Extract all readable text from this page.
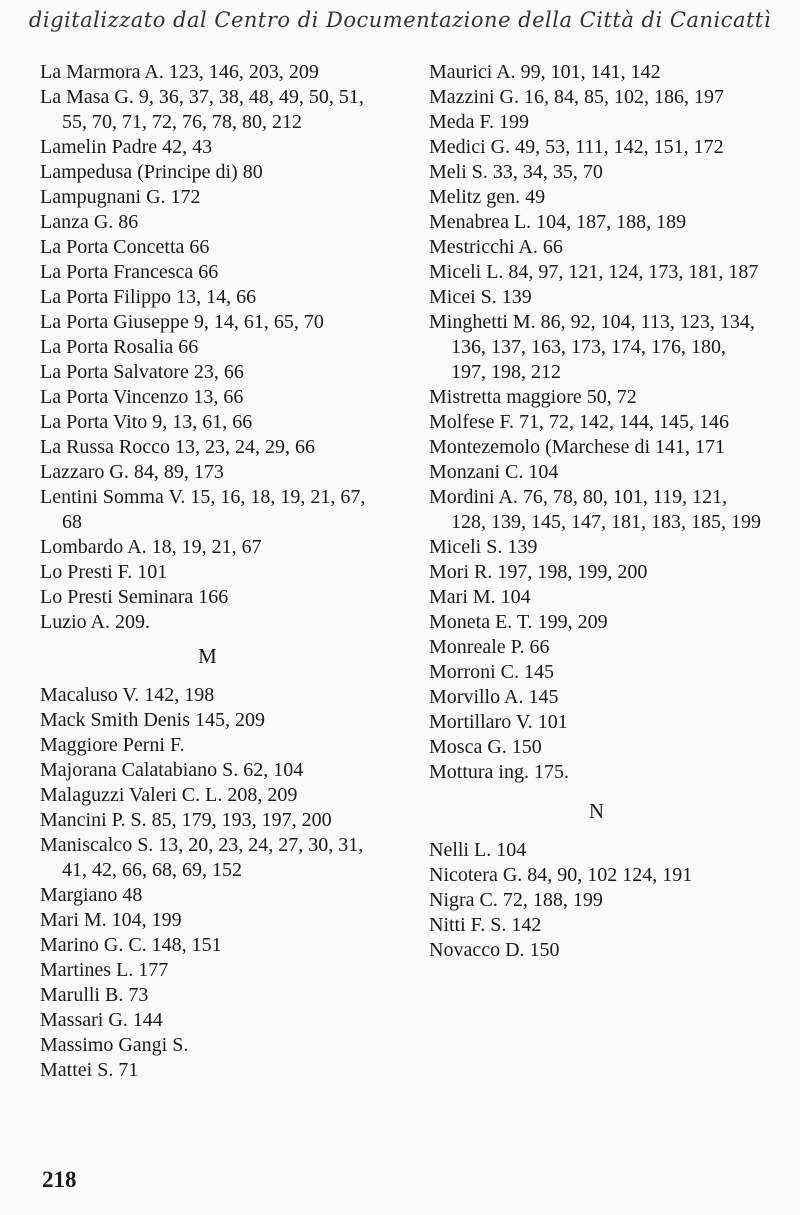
digitalizzato dal Centro di Documentazione della Città di Canicattì

La Marmora A. 123, 146, 203, 209

La Masa G. 9, 36, 37, 38, 48, 49, 50, 51, 55, 70, 71, 72, 76, 78, 80, 212

Lamelin Padre 42, 43

Lampedusa (Principe di) 80

Lampugnani G. 172

Lanza G. 86

La Porta Concetta 66

La Porta Francesca 66

La Porta Filippo 13, 14, 66

La Porta Giuseppe 9, 14, 61, 65, 70

La Porta Rosalia 66

La Porta Salvatore 23, 66

La Porta Vincenzo 13, 66

La Porta Vito 9, 13, 61, 66

La Russa Rocco 13, 23, 24, 29, 66

Lazzaro G. 84, 89, 173

Lentini Somma V. 15, 16, 18, 19, 21, 67, 68

Lombardo A. 18, 19, 21, 67

Lo Presti F. 101

Lo Presti Seminara 166

Luzio A. 209.

M

Macaluso V. 142, 198

Mack Smith Denis 145, 209

Maggiore Perni F.

Majorana Calatabiano S. 62, 104

Malaguzzi Valeri C. L. 208, 209

Mancini P. S. 85, 179, 193, 197, 200

Maniscalco S. 13, 20, 23, 24, 27, 30, 31, 41, 42, 66, 68, 69, 152

Margiano 48

Mari M. 104, 199

Marino G. C. 148, 151

Martines L. 177

Marulli B. 73

Massari G. 144

Massimo Gangi S.

Mattei S. 71

Maurici A. 99, 101, 141, 142

Mazzini G. 16, 84, 85, 102, 186, 197

Meda F. 199

Medici G. 49, 53, 111, 142, 151, 172

Meli S. 33, 34, 35, 70

Melitz gen. 49

Menabrea L. 104, 187, 188, 189

Mestricchi A. 66

Miceli L. 84, 97, 121, 124, 173, 181, 187

Micei S. 139

Minghetti M. 86, 92, 104, 113, 123, 134, 136, 137, 163, 173, 174, 176, 180, 197, 198, 212

Mistretta maggiore 50, 72

Molfese F. 71, 72, 142, 144, 145, 146

Montezemolo (Marchese di 141, 171

Monzani C. 104

Mordini A. 76, 78, 80, 101, 119, 121, 128, 139, 145, 147, 181, 183, 185, 199

Miceli S. 139

Mori R. 197, 198, 199, 200

Mari M. 104

Moneta E. T. 199, 209

Monreale P. 66

Morroni C. 145

Morvillo A. 145

Mortillaro V. 101

Mosca G. 150

Mottura ing. 175.

N

Nelli L. 104

Nicotera G. 84, 90, 102 124, 191

Nigra C. 72, 188, 199

Nitti F. S. 142

Novacco D. 150

218
